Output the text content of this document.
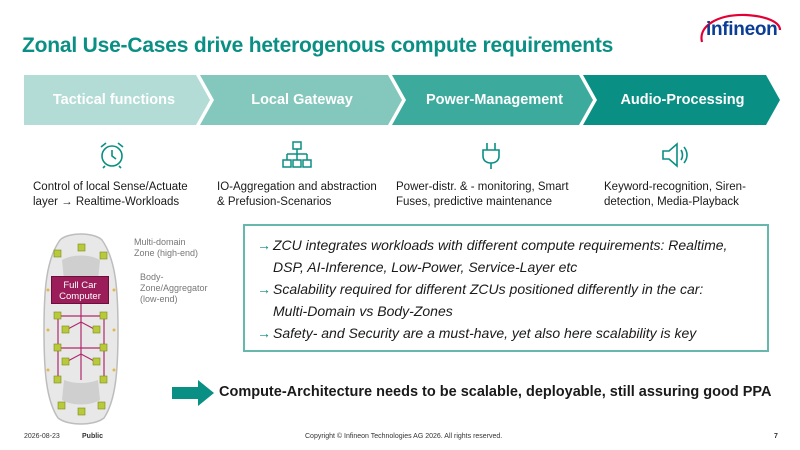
Zonal Use-Cases drive heterogenous compute requirements
infineon
Tactical functions	Local Gateway	Power-Management	Audio-Processing
Control of local Sense/Actuate
layer → Realtime-Workloads
IO-Aggregation and abstraction
& Prefusion-Scenarios
Power-distr. & - monitoring, Smart
Fuses, predictive maintenance
Keyword-recognition, Siren-
detection, Media-Playback
Full Car
Computer
Multi-domain
Zone (high-end)
Body-
Zone/Aggregator
(low-end)
→ ZCU integrates workloads with different compute requirements: Realtime,
DSP, AI-Inference, Low-Power, Service-Layer etc
→ Scalability required for different ZCUs positioned differently in the car:
Multi-Domain vs Body-Zones
→ Safety- and Security are a must-have, yet also here scalability is key
Compute-Architecture needs to be scalable, deployable, still assuring good PPA
2026-08-23	Public	Copyright © Infineon Technologies AG 2026. All rights reserved.	7
